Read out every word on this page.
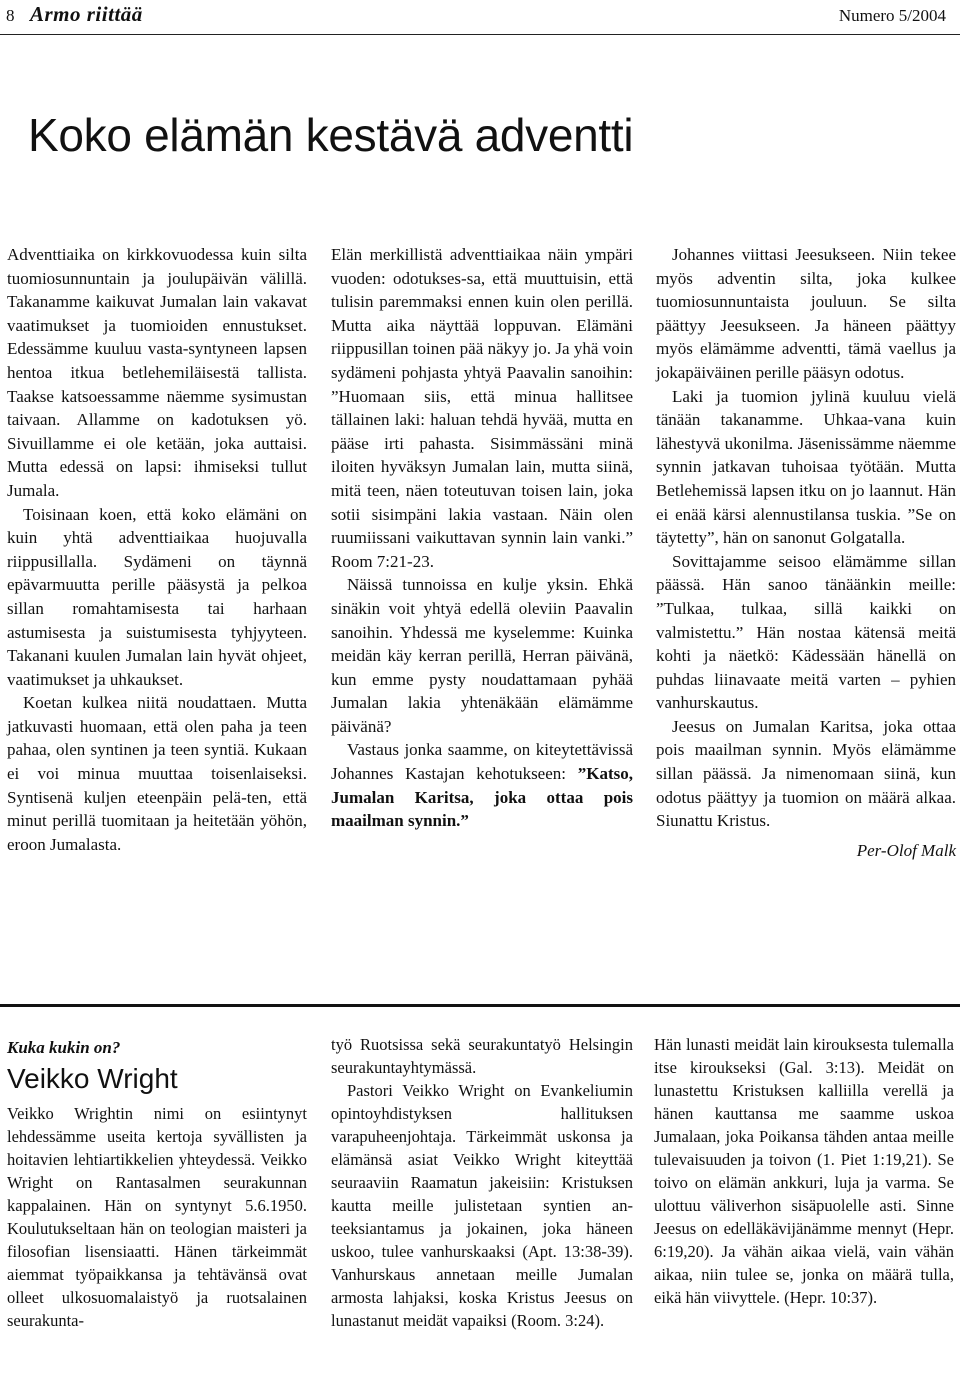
8 Armo riittää	Numero 5/2004
Koko elämän kestävä adventti

Adventtiaika on kirkkovuodessa kuin silta tuomiosunnuntain ja joulupäivän välillä. Takanamme kaikuvat Jumalan lain vakavat vaatimukset ja tuomioiden ennustukset. Edessämme kuuluu vasta-syntyneen lapsen hentoa itkua betlehemiläisestä tallista. Taakse katsoessamme näemme sysimustan taivaan. Allamme on kadotuksen yö. Sivuillamme ei ole ketään, joka auttaisi. Mutta edessä on lapsi: ihmiseksi tullut Jumala.

Toisinaan koen, että koko elämäni on kuin yhtä adventtiaikaa huojuvalla riippusillalla. Sydämeni on täynnä epävarmuutta perille pääsystä ja pelkoa sillan romahtamisesta tai harhaan astumisesta ja suistumisesta tyhjyyteen. Takanani kuulen Jumalan lain hyvät ohjeet, vaatimukset ja uhkaukset.

Koetan kulkea niitä noudattaen. Mutta jatkuvasti huomaan, että olen paha ja teen pahaa, olen syntinen ja teen syntiä. Kukaan ei voi minua muuttaa toisenlaiseksi. Syntisenä kuljen eteenpäin pelä-ten, että minut perillä tuomitaan ja heitetään yöhön, eroon Jumalasta.

Elän merkillistä adventtiaikaa näin ympäri vuoden: odotukses-sa, että muuttuisin, että tulisin paremmaksi ennen kuin olen perillä. Mutta aika näyttää loppuvan. Elämäni riippusillan toinen pää näkyy jo. Ja yhä voin sydämeni pohjasta yhtyä Paavalin sanoihin: ”Huomaan siis, että minua hallitsee tällainen laki: haluan tehdä hyvää, mutta en pääse irti pahasta. Sisimmässäni minä iloiten hyväksyn Jumalan lain, mutta siinä, mitä teen, näen toteutuvan toisen lain, joka sotii sisimpäni lakia vastaan. Näin olen ruumiissani vaikuttavan synnin lain vanki.” Room 7:21-23.

Näissä tunnoissa en kulje yksin. Ehkä sinäkin voit yhtyä edellä oleviin Paavalin sanoihin. Yhdessä me kyselemme: Kuinka meidän käy kerran perillä, Herran päivänä, kun emme pysty noudattamaan pyhää Jumalan lakia yhtenäkään elämämme päivänä?

Vastaus jonka saamme, on kiteytettävissä Johannes Kastajan kehotukseen: ”Katso, Jumalan Karitsa, joka ottaa pois maailman synnin.”

Johannes viittasi Jeesukseen. Niin tekee myös adventin silta, joka kulkee tuomiosunnuntaista jouluun. Se silta päättyy Jeesukseen. Ja häneen päättyy myös elämämme adventti, tämä vaellus ja jokapäiväinen perille pääsyn odotus.

Laki ja tuomion jylinä kuuluu vielä tänään takanamme. Uhkaa-vana kuin lähestyvä ukonilma. Jäsenissämme näemme synnin jatkavan tuhoisaa työtään. Mutta Betlehemissä lapsen itku on jo laannut. Hän ei enää kärsi alennustilansa tuskia. ”Se on täytetty”, hän on sanonut Golgatalla.

Sovittajamme seisoo elämämme sillan päässä. Hän sanoo tänäänkin meille: ”Tulkaa, tulkaa, sillä kaikki on valmistettu.” Hän nostaa kätensä meitä kohti ja näetkö: Kädessään hänellä on puhdas liinavaate meitä varten – pyhien vanhurskautus.

Jeesus on Jumalan Karitsa, joka ottaa pois maailman synnin. Myös elämämme sillan päässä. Ja nimenomaan siinä, kun odotus päättyy ja tuomion on määrä alkaa. Siunattu Kristus.

Per-Olof Malk

Kuka kukin on?

Veikko Wright

Veikko Wrightin nimi on esiintynyt lehdessämme useita kertoja syvällisten ja hoitavien lehtiartikkelien yhteydessä. Veikko Wright on Rantasalmen seurakunnan kappalainen. Hän on syntynyt 5.6.1950. Koulutukseltaan hän on teologian maisteri ja filosofian lisensiaatti. Hänen tärkeimmät aiemmat työpaikkansa ja tehtävänsä ovat olleet ulkosuomalaistyö ja ruotsalainen seurakunta-

työ Ruotsissa sekä seurakuntatyö Helsingin seurakuntayhtymässä.

Pastori Veikko Wright on Evankeliumin opintoyhdistyksen hallituksen varapuheenjohtaja. Tärkeimmät uskonsa ja elämänsä asiat Veikko Wright kiteyttää seuraaviin Raamatun jakeisiin: Kristuksen kautta meille julistetaan syntien anteeksiantamus ja jokainen, joka häneen uskoo, tulee vanhurskaaksi (Apt. 13:38-39). Vanhurskaus annetaan meille Jumalan armosta lahjaksi, koska Kristus Jeesus on lunastanut meidät vapaiksi (Room. 3:24).

Hän lunasti meidät lain kirouksesta tulemalla itse kiroukseksi (Gal. 3:13). Meidät on lunastettu Kristuksen kalliilla verellä ja hänen kauttansa me saamme uskoa Jumalaan, joka Poikansa tähden antaa meille tulevaisuuden ja toivon (1. Piet 1:19,21). Se toivo on elämän ankkuri, luja ja varma. Se ulottuu väliverhon sisäpuolelle asti. Sinne Jeesus on edelläkävijänämme mennyt (Hepr. 6:19,20). Ja vähän aikaa vielä, vain vähän aikaa, niin tulee se, jonka on määrä tulla, eikä hän viivyttele. (Hepr. 10:37).
